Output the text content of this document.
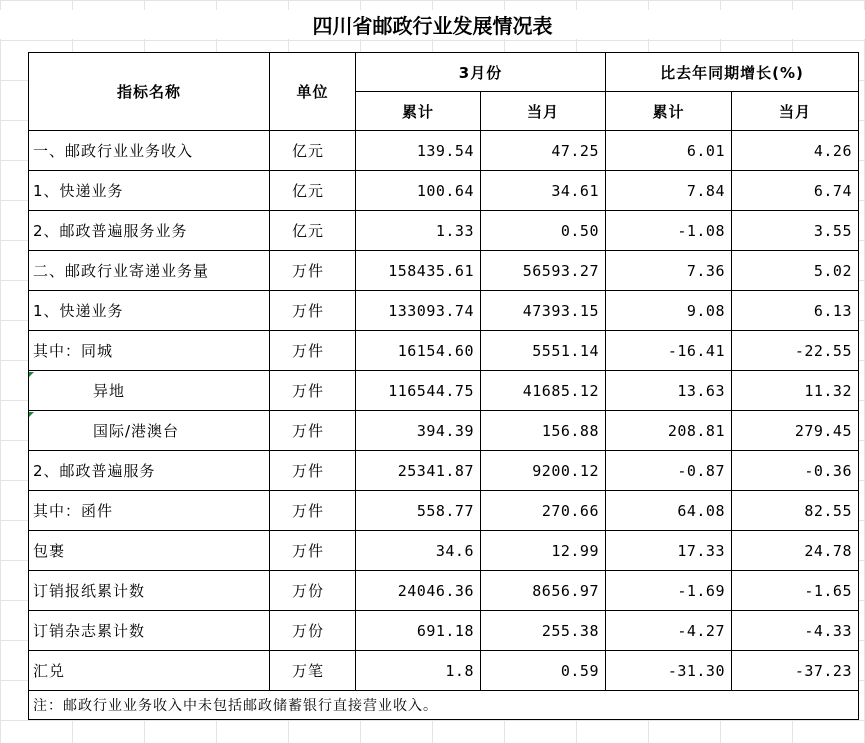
四川省邮政行业发展情况表
指标名称	单位	3月份		比去年同期增长(%)	
		累计	当月	累计	当月
一、邮政行业业务收入	亿元	139.54	47.25	6.01	4.26
1、快递业务	亿元	100.64	34.61	7.84	6.74
2、邮政普遍服务业务	亿元	1.33	0.50	-1.08	3.55
二、邮政行业寄递业务量	万件	158435.61	56593.27	7.36	5.02
1、快递业务	万件	133093.74	47393.15	9.08	6.13
其中：同城	万件	16154.60	5551.14	-16.41	-22.55
异地	万件	116544.75	41685.12	13.63	11.32
国际/港澳台	万件	394.39	156.88	208.81	279.45
2、邮政普遍服务	万件	25341.87	9200.12	-0.87	-0.36
其中：函件	万件	558.77	270.66	64.08	82.55
包裹	万件	34.6	12.99	17.33	24.78
订销报纸累计数	万份	24046.36	8656.97	-1.69	-1.65
订销杂志累计数	万份	691.18	255.38	-4.27	-4.33
汇兑	万笔	1.8	0.59	-31.30	-37.23
注：邮政行业业务收入中未包括邮政储蓄银行直接营业收入。					
